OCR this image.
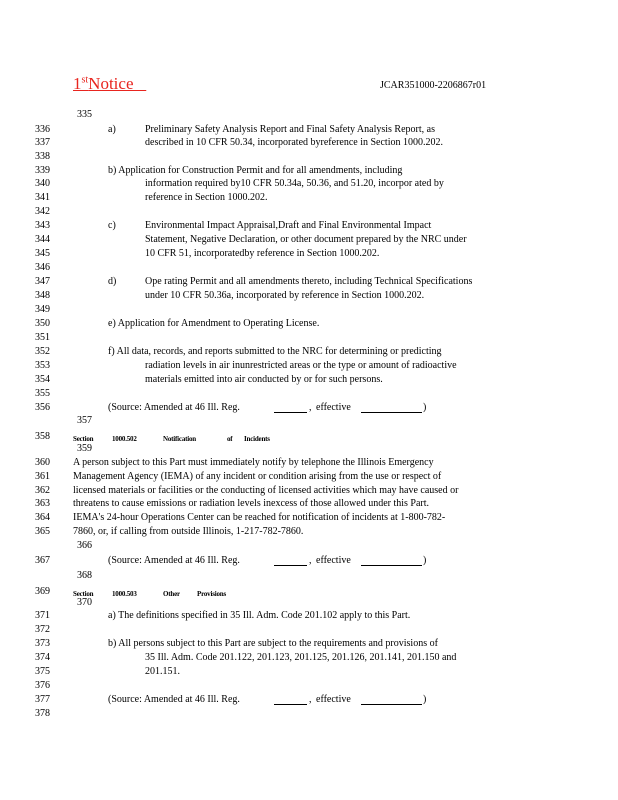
1stNotice	JCAR351000-2206867r01
335
336	a)	Preliminary Safety Analysis Report and Final Safety Analysis Report, as
337	described in 10 CFR 50.34, incorporated byreference in Section 1000.202.
338
339	b) Application for Construction Permit and for all amendments, including
340	information required by10 CFR 50.34a, 50.36, and 51.20, incorpor ated by
341	reference in Section 1000.202.
342
343	c)	Environmental Impact Appraisal,Draft and Final Environmental Impact
344	Statement, Negative Declaration, or other document prepared by the NRC under
345	10 CFR 51, incorporatedby reference in Section 1000.202.
346
347	d)	Ope rating Permit and all amendments thereto, including Technical Specifications
348	under 10 CFR 50.36a, incorporated by reference in Section 1000.202.
349
350	e) Application for Amendment to Operating License.
351
352	f) All data, records, and reports submitted to the NRC for determining or predicting
353	radiation levels in air inunrestricted areas or the type or amount of radioactive
354	materials emitted into air conducted by or for such persons.
355
356	(Source: Amended at 46 Ill. Reg.	effective	)
,
357
358	Section	1000.502	Notification	of Incidents
359
360	A person subject to this Part must immediately notify by telephone the Illinois Emergency
361	Management Agency (IEMA) of any incident or condition arising from the use or respect of
362	licensed materials or facilities or the conducting of licensed activities which may have caused or
363	threatens to cause emissions or radiation levels inexcess of those allowed under this Part.
364	IEMA's 24-hour Operations Center can be reached for notification of incidents at 1-800-782-
365	7860, or, if calling from outside Illinois, 1-217-782-7860.
366
367	(Source: Amended at 46 Ill. Reg.	effective	)
,
368
369	Section	1000.503	Other Provisions
370
371	a) The definitions specified in 35 Ill. Adm. Code 201.102 apply to this Part.
372
373	b) All persons subject to this Part are subject to the requirements and provisions of
374	35 Ill. Adm. Code 201.122, 201.123, 201.125, 201.126, 201.141, 201.150 and
375	201.151.
376
377	(Source: Amended at 46 Ill. Reg.	effective	)
,
378
